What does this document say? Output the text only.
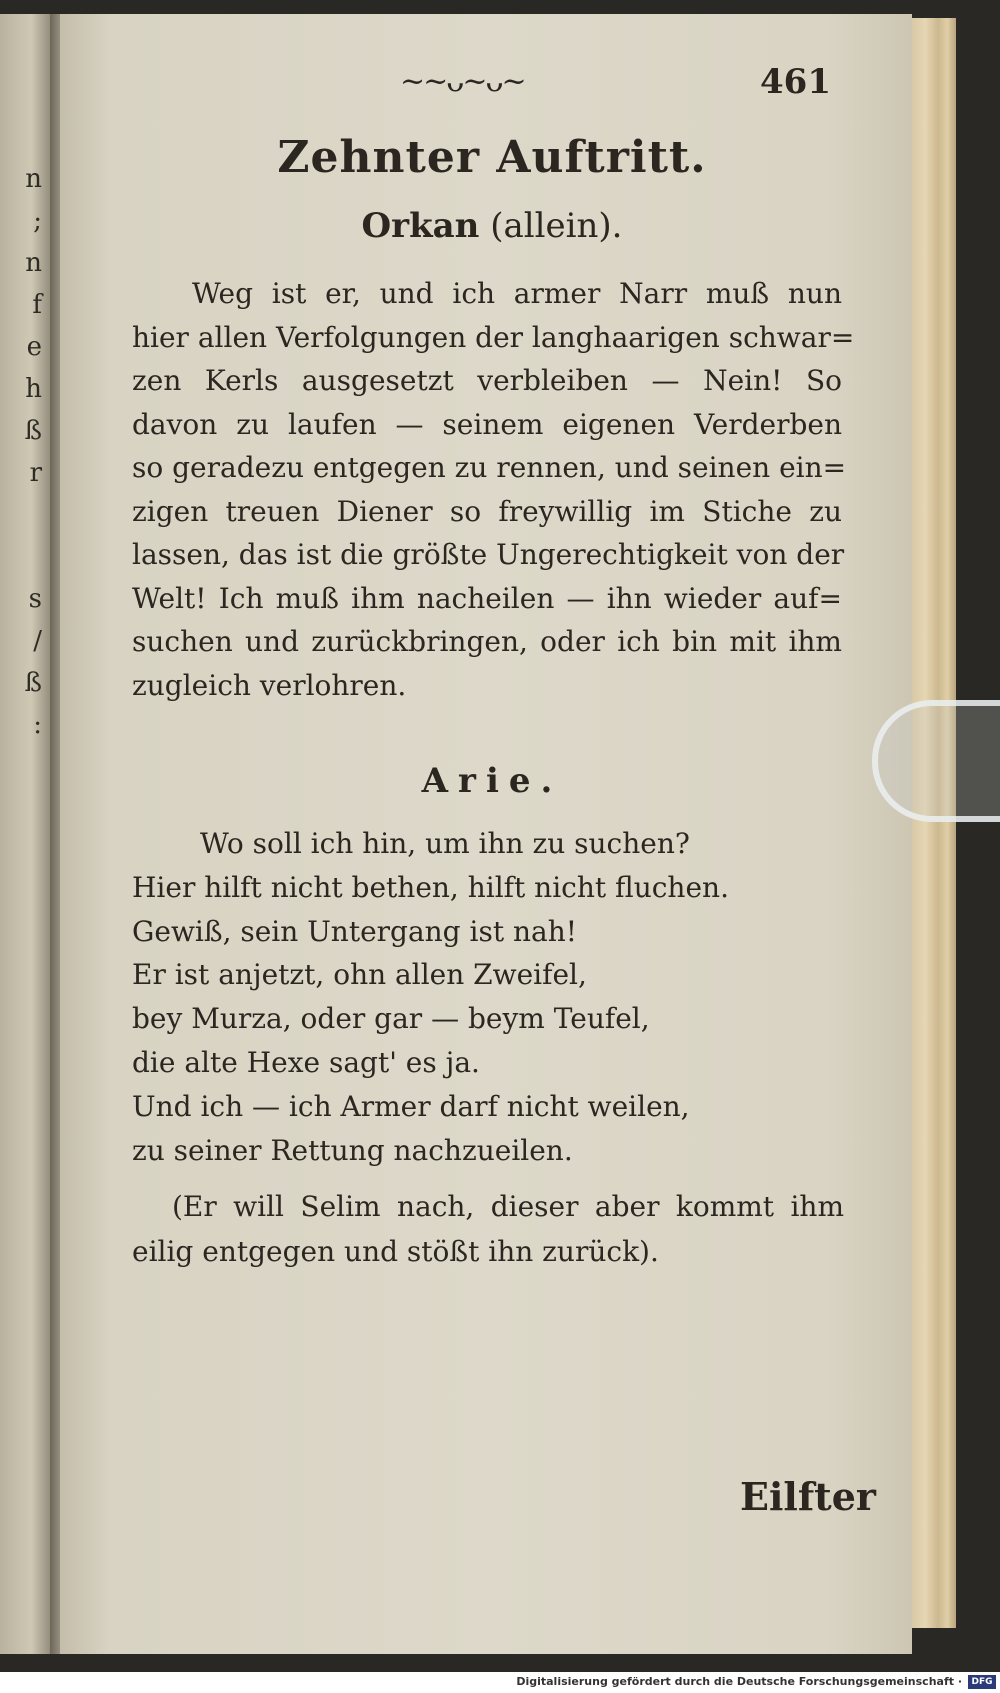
n
;
n
f
e
h
ß
r
s
/
ß
:
~~ᴗ~ᴗ~	461
Zehnter Auftritt.
Orkan (allein).
Weg ist er, und ich armer Narr muß nun
hier allen Verfolgungen der langhaarigen schwar=
zen Kerls ausgesetzt verbleiben — Nein! So
davon zu laufen — seinem eigenen Verderben
so geradezu entgegen zu rennen, und seinen ein=
zigen treuen Diener so freywillig im Stiche zu
lassen, das ist die größte Ungerechtigkeit von der
Welt! Ich muß ihm nacheilen — ihn wieder auf=
suchen und zurückbringen, oder ich bin mit ihm
zugleich verlohren.
Arie.
Wo soll ich hin, um ihn zu suchen?
Hier hilft nicht bethen, hilft nicht fluchen.
Gewiß, sein Untergang ist nah!
Er ist anjetzt, ohn allen Zweifel,
bey Murza, oder gar — beym Teufel,
die alte Hexe sagt' es ja.
Und ich — ich Armer darf nicht weilen,
zu seiner Rettung nachzueilen.
(Er will Selim nach, dieser aber kommt ihm
eilig entgegen und stößt ihn zurück).
Eilfter
Digitalisierung gefördert durch die Deutsche Forschungsgemeinschaft ·	DFG
